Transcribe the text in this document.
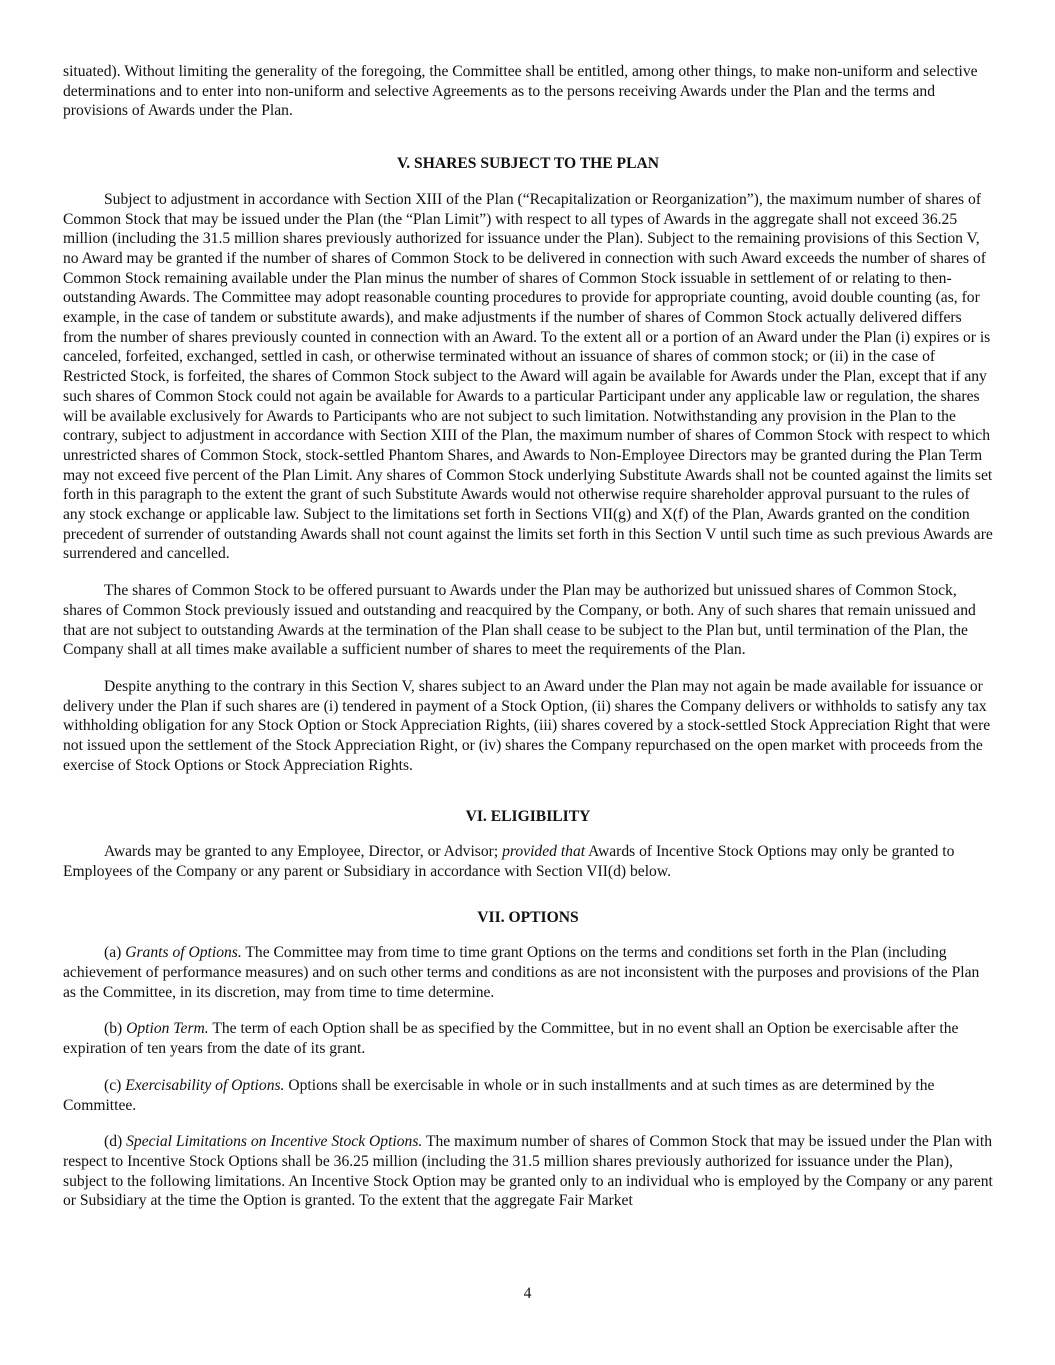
situated). Without limiting the generality of the foregoing, the Committee shall be entitled, among other things, to make non-uniform and selective determinations and to enter into non-uniform and selective Agreements as to the persons receiving Awards under the Plan and the terms and provisions of Awards under the Plan.

V. SHARES SUBJECT TO THE PLAN

Subject to adjustment in accordance with Section XIII of the Plan (“Recapitalization or Reorganization”), the maximum number of shares of Common Stock that may be issued under the Plan (the “Plan Limit”) with respect to all types of Awards in the aggregate shall not exceed 36.25 million (including the 31.5 million shares previously authorized for issuance under the Plan). Subject to the remaining provisions of this Section V, no Award may be granted if the number of shares of Common Stock to be delivered in connection with such Award exceeds the number of shares of Common Stock remaining available under the Plan minus the number of shares of Common Stock issuable in settlement of or relating to then-outstanding Awards. The Committee may adopt reasonable counting procedures to provide for appropriate counting, avoid double counting (as, for example, in the case of tandem or substitute awards), and make adjustments if the number of shares of Common Stock actually delivered differs from the number of shares previously counted in connection with an Award. To the extent all or a portion of an Award under the Plan (i) expires or is canceled, forfeited, exchanged, settled in cash, or otherwise terminated without an issuance of shares of common stock; or (ii) in the case of Restricted Stock, is forfeited, the shares of Common Stock subject to the Award will again be available for Awards under the Plan, except that if any such shares of Common Stock could not again be available for Awards to a particular Participant under any applicable law or regulation, the shares will be available exclusively for Awards to Participants who are not subject to such limitation. Notwithstanding any provision in the Plan to the contrary, subject to adjustment in accordance with Section XIII of the Plan, the maximum number of shares of Common Stock with respect to which unrestricted shares of Common Stock, stock-settled Phantom Shares, and Awards to Non-Employee Directors may be granted during the Plan Term may not exceed five percent of the Plan Limit. Any shares of Common Stock underlying Substitute Awards shall not be counted against the limits set forth in this paragraph to the extent the grant of such Substitute Awards would not otherwise require shareholder approval pursuant to the rules of any stock exchange or applicable law. Subject to the limitations set forth in Sections VII(g) and X(f) of the Plan, Awards granted on the condition precedent of surrender of outstanding Awards shall not count against the limits set forth in this Section V until such time as such previous Awards are surrendered and cancelled.

The shares of Common Stock to be offered pursuant to Awards under the Plan may be authorized but unissued shares of Common Stock, shares of Common Stock previously issued and outstanding and reacquired by the Company, or both. Any of such shares that remain unissued and that are not subject to outstanding Awards at the termination of the Plan shall cease to be subject to the Plan but, until termination of the Plan, the Company shall at all times make available a sufficient number of shares to meet the requirements of the Plan.

Despite anything to the contrary in this Section V, shares subject to an Award under the Plan may not again be made available for issuance or delivery under the Plan if such shares are (i) tendered in payment of a Stock Option, (ii) shares the Company delivers or withholds to satisfy any tax withholding obligation for any Stock Option or Stock Appreciation Rights, (iii) shares covered by a stock-settled Stock Appreciation Right that were not issued upon the settlement of the Stock Appreciation Right, or (iv) shares the Company repurchased on the open market with proceeds from the exercise of Stock Options or Stock Appreciation Rights.

VI. ELIGIBILITY

Awards may be granted to any Employee, Director, or Advisor; provided that Awards of Incentive Stock Options may only be granted to Employees of the Company or any parent or Subsidiary in accordance with Section VII(d) below.

VII. OPTIONS

(a) Grants of Options. The Committee may from time to time grant Options on the terms and conditions set forth in the Plan (including achievement of performance measures) and on such other terms and conditions as are not inconsistent with the purposes and provisions of the Plan as the Committee, in its discretion, may from time to time determine.

(b) Option Term. The term of each Option shall be as specified by the Committee, but in no event shall an Option be exercisable after the expiration of ten years from the date of its grant.

(c) Exercisability of Options. Options shall be exercisable in whole or in such installments and at such times as are determined by the Committee.

(d) Special Limitations on Incentive Stock Options. The maximum number of shares of Common Stock that may be issued under the Plan with respect to Incentive Stock Options shall be 36.25 million (including the 31.5 million shares previously authorized for issuance under the Plan), subject to the following limitations. An Incentive Stock Option may be granted only to an individual who is employed by the Company or any parent or Subsidiary at the time the Option is granted. To the extent that the aggregate Fair Market

4
